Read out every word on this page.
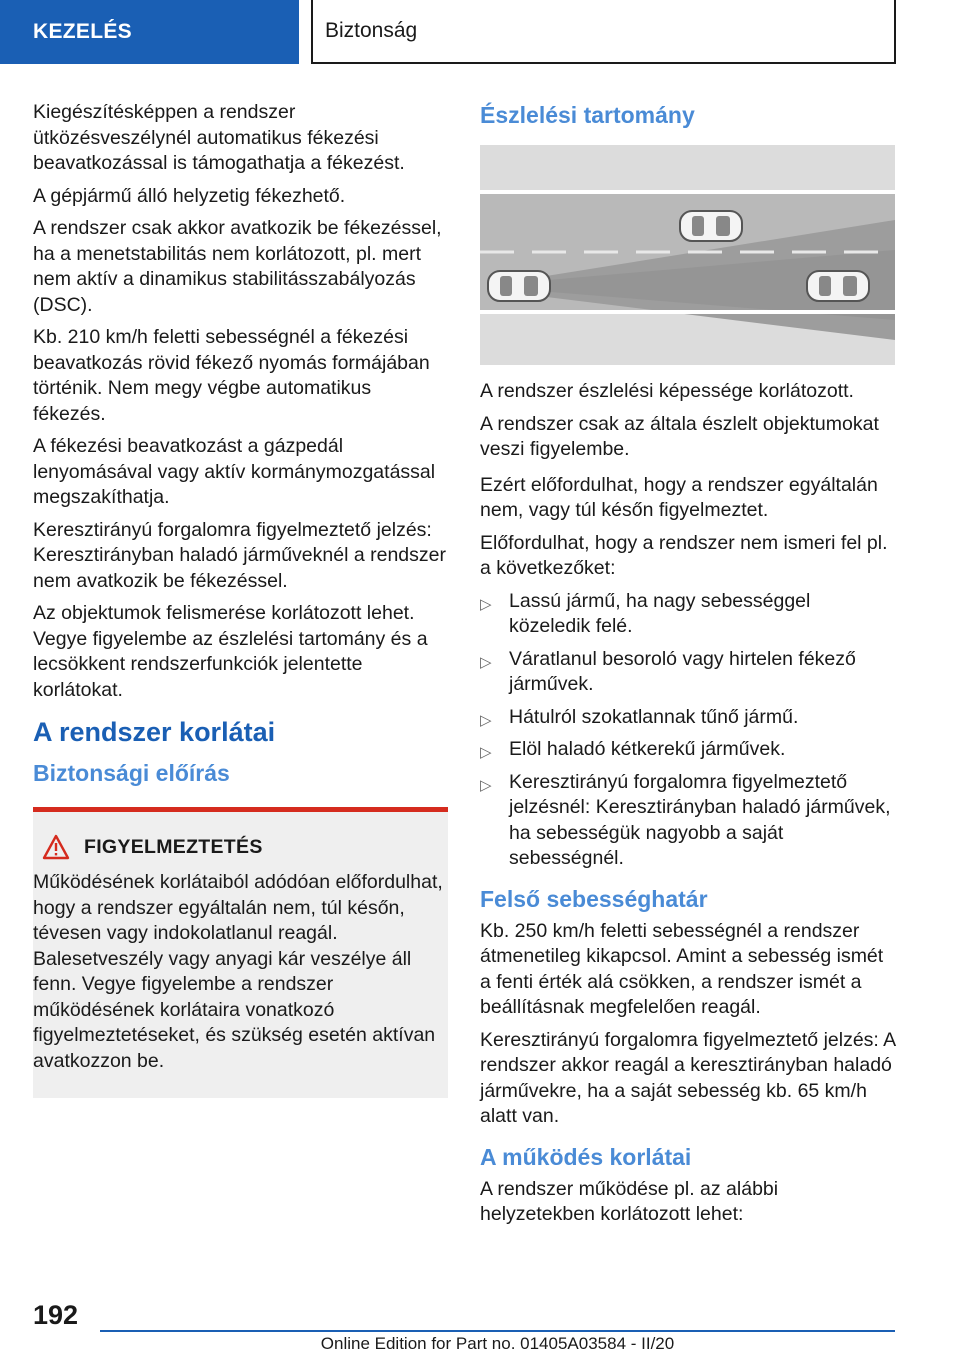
KEZELÉS	Biztonság

Kiegészítésképpen a rendszer ütközésveszélynél automatikus fékezési beavatkozással is támogathatja a fékezést.

A gépjármű álló helyzetig fékezhető.

A rendszer csak akkor avatkozik be fékezéssel, ha a menetstabilitás nem korlátozott, pl. mert nem aktív a dinamikus stabilitásszabályozás (DSC).

Kb. 210 km/h feletti sebességnél a fékezési beavatkozás rövid fékező nyomás formájában történik. Nem megy végbe automatikus fékezés.

A fékezési beavatkozást a gázpedál lenyomásával vagy aktív kormánymozgatással megszakíthatja.

Keresztirányú forgalomra figyelmeztető jelzés: Keresztirányban haladó járműveknél a rendszer nem avatkozik be fékezéssel.

Az objektumok felismerése korlátozott lehet. Vegye figyelembe az észlelési tartomány és a lecsökkent rendszerfunkciók jelentette korlátokat.

A rendszer korlátai
Biztonsági előírás
FIGYELMEZTETÉS

Működésének korlátaiból adódóan előfordulhat, hogy a rendszer egyáltalán nem, túl későn, tévesen vagy indokolatlanul reagál. Balesetveszély vagy anyagi kár veszélye áll fenn. Vegye figyelembe a rendszer működésének korlátaira vonatkozó figyelmeztetéseket, és szükség esetén aktívan avatkozzon be.

Észlelési tartomány

A rendszer észlelési képessége korlátozott.

A rendszer csak az általa észlelt objektumokat veszi figyelembe.

Ezért előfordulhat, hogy a rendszer egyáltalán nem, vagy túl későn figyelmeztet.

Előfordulhat, hogy a rendszer nem ismeri fel pl. a következőket:

▷ Lassú jármű, ha nagy sebességgel közeledik felé.
▷ Váratlanul besoroló vagy hirtelen fékező járművek.
▷ Hátulról szokatlannak tűnő jármű.
▷ Elöl haladó kétkerekű járművek.
▷ Keresztirányú forgalomra figyelmeztető jelzésnél: Keresztirányban haladó járművek, ha sebességük nagyobb a saját sebességnél.
Felső sebességhatár

Kb. 250 km/h feletti sebességnél a rendszer átmenetileg kikapcsol. Amint a sebesség ismét a fenti érték alá csökken, a rendszer ismét a beállításnak megfelelően reagál.

Keresztirányú forgalomra figyelmeztető jelzés: A rendszer akkor reagál a keresztirányban haladó járművekre, ha a saját sebesség kb. 65 km/h alatt van.

A működés korlátai

A rendszer működése pl. az alábbi helyzetekben korlátozott lehet:

192
Online Edition for Part no. 01405A03584 - II/20
